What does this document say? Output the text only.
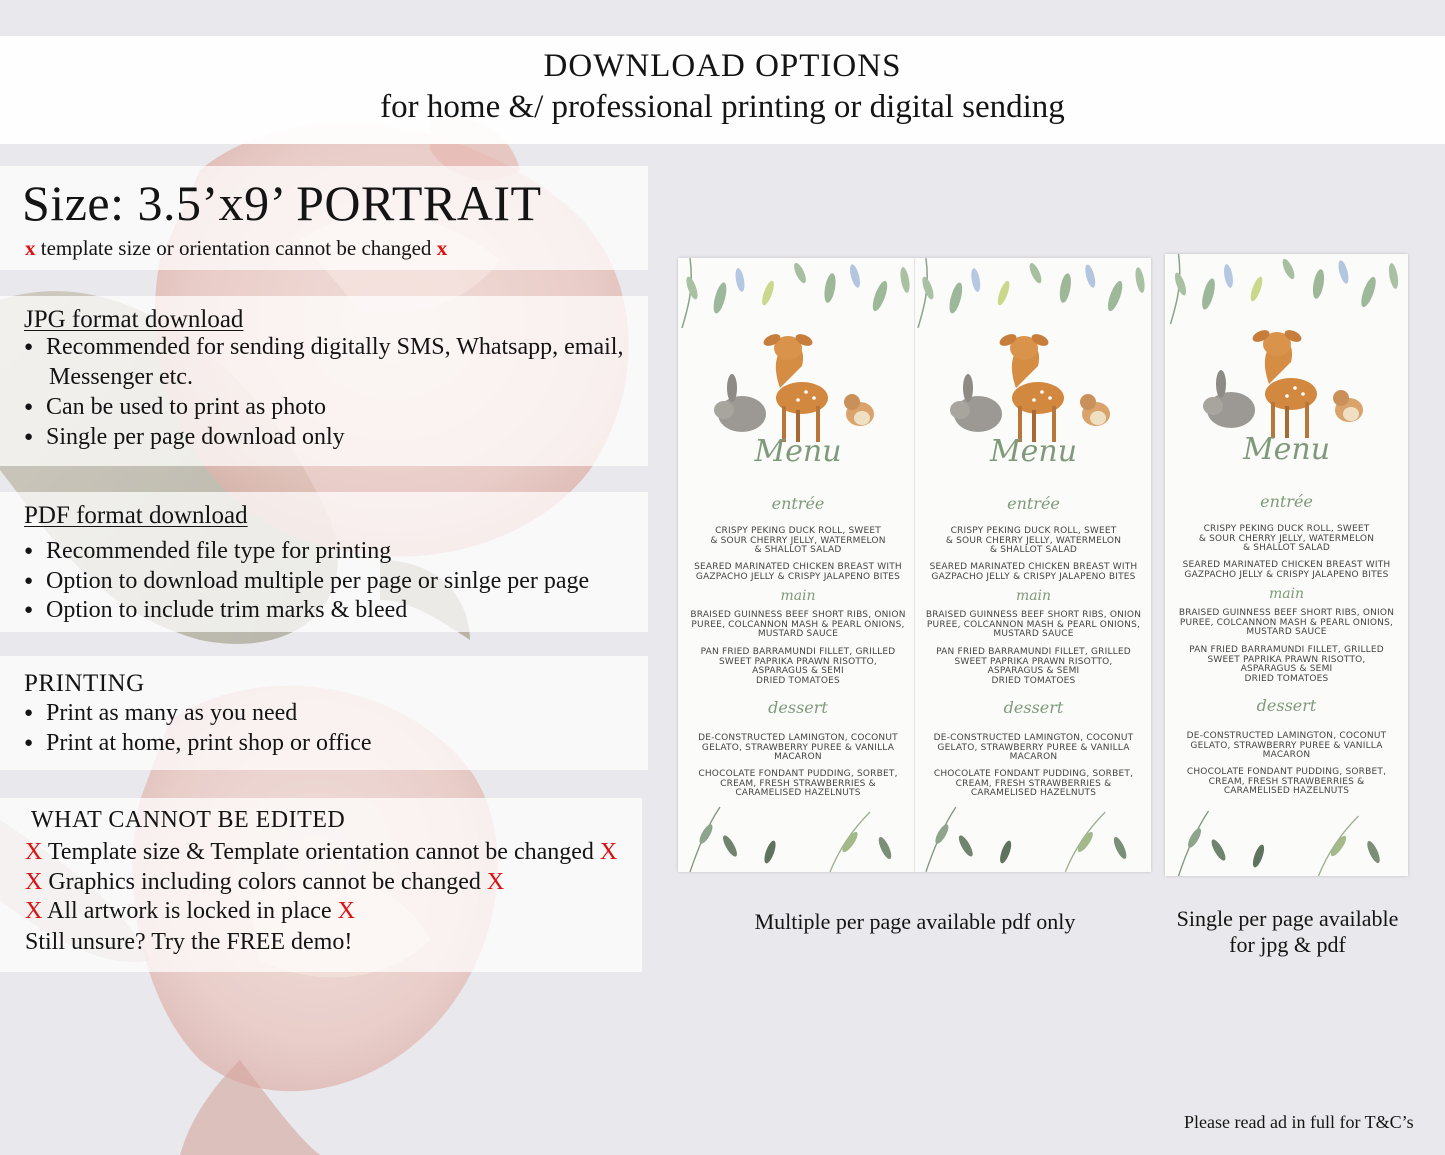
DOWNLOAD OPTIONS
for home &/ professional printing or digital sending
Size: 3.5’x9’ PORTRAIT
x template size or orientation cannot be changed x
JPG format download
● Recommended for sending digitally SMS, Whatsapp, email,
Messenger etc.
● Can be used to print as photo
● Single per page download only
PDF format download
● Recommended file type for printing
● Option to download multiple per page or sinlge per page
● Option to include trim marks & bleed
PRINTING
● Print as many as you need
● Print at home, print shop or office
WHAT CANNOT BE EDITED
X Template size & Template orientation cannot be changed X
X Graphics including colors cannot be changed X
X All artwork is locked in place X
Still unsure? Try the FREE demo!
Menu
entrée
CRISPY PEKING DUCK ROLL, SWEET
& SOUR CHERRY JELLY, WATERMELON
& SHALLOT SALAD
SEARED MARINATED CHICKEN BREAST WITH
GAZPACHO JELLY & CRISPY JALAPENO BITES
main
BRAISED GUINNESS BEEF SHORT RIBS, ONION
PUREE, COLCANNON MASH & PEARL ONIONS,
MUSTARD SAUCE
PAN FRIED BARRAMUNDI FILLET, GRILLED
SWEET PAPRIKA PRAWN RISOTTO,
ASPARAGUS & SEMI
DRIED TOMATOES
dessert
DE-CONSTRUCTED LAMINGTON, COCONUT
GELATO, STRAWBERRY PUREE & VANILLA
MACARON
CHOCOLATE FONDANT PUDDING, SORBET,
CREAM, FRESH STRAWBERRIES &
CARAMELISED HAZELNUTS
Menu
entrée
CRISPY PEKING DUCK ROLL, SWEET
& SOUR CHERRY JELLY, WATERMELON
& SHALLOT SALAD
SEARED MARINATED CHICKEN BREAST WITH
GAZPACHO JELLY & CRISPY JALAPENO BITES
main
BRAISED GUINNESS BEEF SHORT RIBS, ONION
PUREE, COLCANNON MASH & PEARL ONIONS,
MUSTARD SAUCE
PAN FRIED BARRAMUNDI FILLET, GRILLED
SWEET PAPRIKA PRAWN RISOTTO,
ASPARAGUS & SEMI
DRIED TOMATOES
dessert
DE-CONSTRUCTED LAMINGTON, COCONUT
GELATO, STRAWBERRY PUREE & VANILLA
MACARON
CHOCOLATE FONDANT PUDDING, SORBET,
CREAM, FRESH STRAWBERRIES &
CARAMELISED HAZELNUTS
Menu
entrée
CRISPY PEKING DUCK ROLL, SWEET
& SOUR CHERRY JELLY, WATERMELON
& SHALLOT SALAD
SEARED MARINATED CHICKEN BREAST WITH
GAZPACHO JELLY & CRISPY JALAPENO BITES
main
BRAISED GUINNESS BEEF SHORT RIBS, ONION
PUREE, COLCANNON MASH & PEARL ONIONS,
MUSTARD SAUCE
PAN FRIED BARRAMUNDI FILLET, GRILLED
SWEET PAPRIKA PRAWN RISOTTO,
ASPARAGUS & SEMI
DRIED TOMATOES
dessert
DE-CONSTRUCTED LAMINGTON, COCONUT
GELATO, STRAWBERRY PUREE & VANILLA
MACARON
CHOCOLATE FONDANT PUDDING, SORBET,
CREAM, FRESH STRAWBERRIES &
CARAMELISED HAZELNUTS
Multiple per page available pdf only	Single per page available
for jpg & pdf
Please read ad in full for T&C’s
